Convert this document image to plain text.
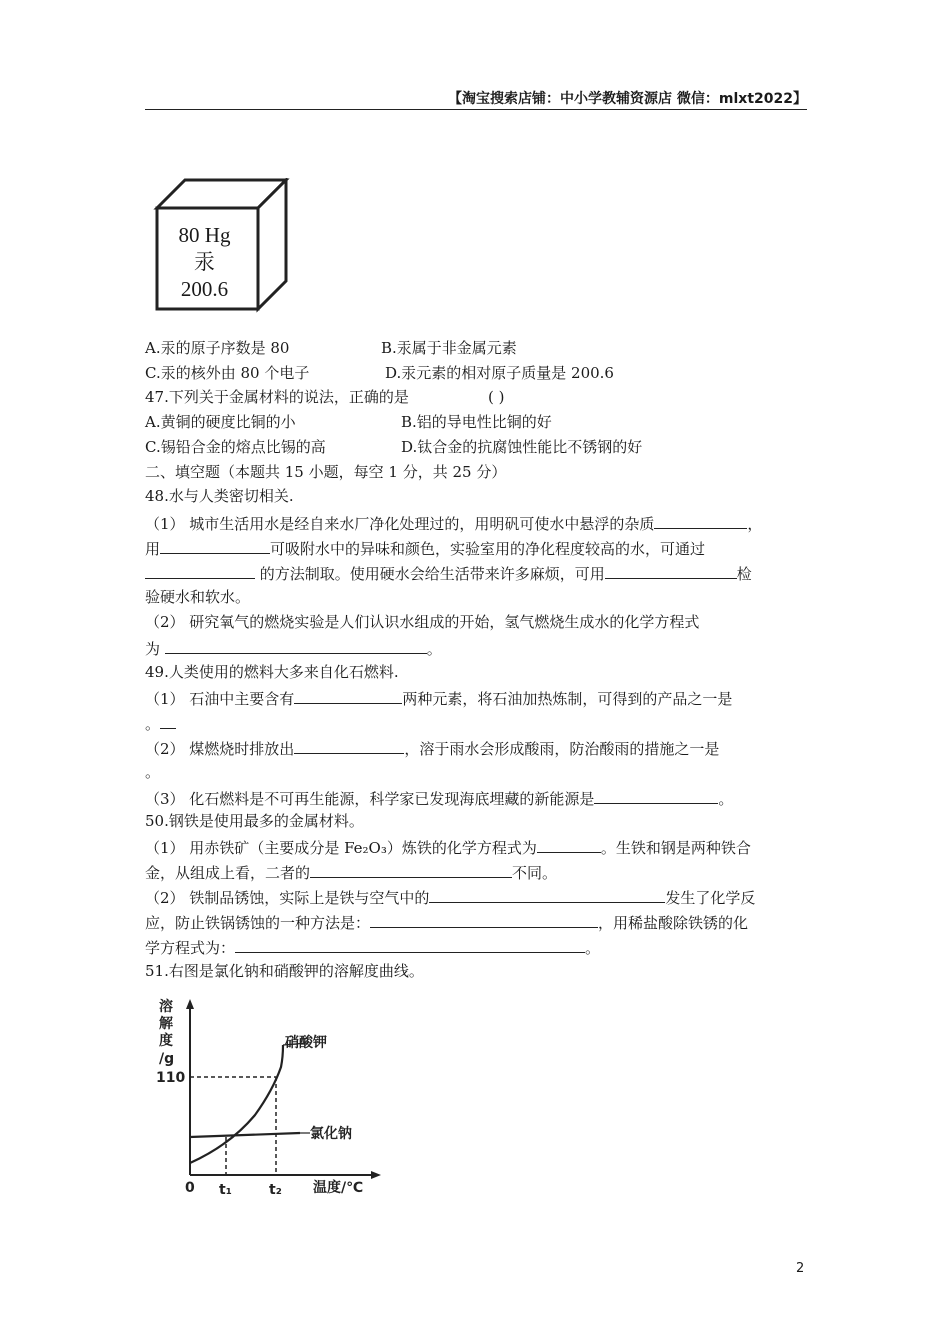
【淘宝搜索店铺：中小学教辅资源店 微信：mlxt2022】
80 Hg
汞
200.6
A.汞的原子序数是 80	B.汞属于非金属元素
C.汞的核外由 80 个电子	D.汞元素的相对原子质量是 200.6
47.下列关于金属材料的说法，正确的是	( )
A.黄铜的硬度比铜的小	B.铝的导电性比铜的好
C.锡铅合金的熔点比锡的高	D.钛合金的抗腐蚀性能比不锈钢的好
二、填空题（本题共 15 小题，每空 1 分，共 25 分）
48.水与人类密切相关.
（1） 城市生活用水是经自来水厂净化处理过的，用明矾可使水中悬浮的杂质	，
用	可吸附水中的异味和颜色，实验室用的净化程度较高的水，可通过
的方法制取。使用硬水会给生活带来许多麻烦，可用	检
验硬水和软水。
（2） 研究氧气的燃烧实验是人们认识水组成的开始，氢气燃烧生成水的化学方程式
为	。
49.人类使用的燃料大多来自化石燃料.
（1） 石油中主要含有	两种元素，将石油加热炼制，可得到的产品之一是
。
（2） 煤燃烧时排放出	，溶于雨水会形成酸雨，防治酸雨的措施之一是
。
（3） 化石燃料是不可再生能源，科学家已发现海底埋藏的新能源是	。
50.钢铁是使用最多的金属材料。
（1） 用赤铁矿（主要成分是 Fe₂O₃）炼铁的化学方程式为	。生铁和钢是两种铁合
金，从组成上看，二者的	不同。
（2） 铁制品锈蚀，实际上是铁与空气中的	发生了化学反
应，防止铁锅锈蚀的一种方法是：	，用稀盐酸除铁锈的化
学方程式为：	。
51.右图是氯化钠和硝酸钾的溶解度曲线。
溶
解
度
/g
110
0 t₁	t₂ 温度/℃
硝酸钾
氯化钠
2
